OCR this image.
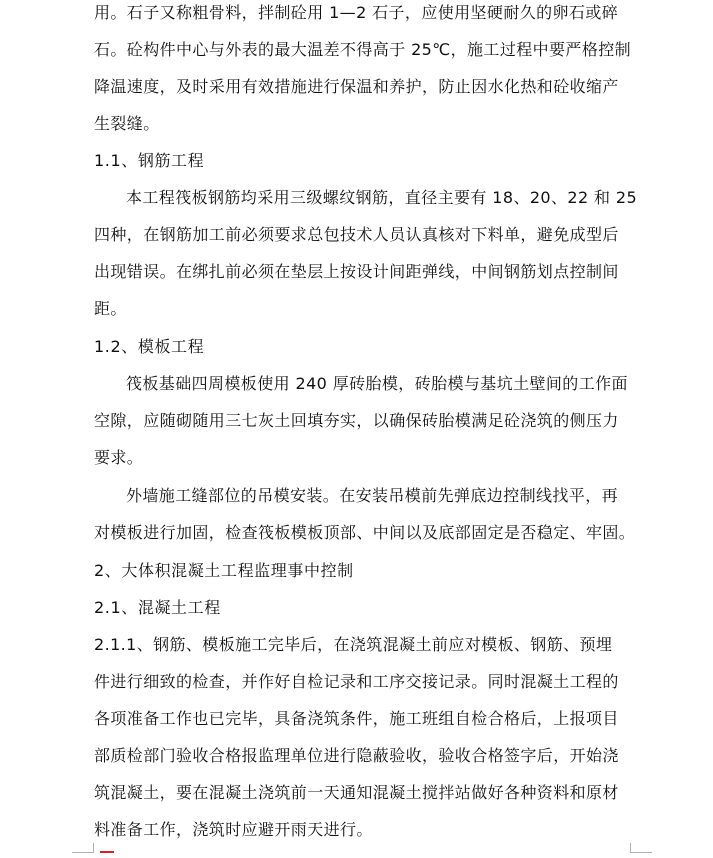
用。石子又称粗骨料，拌制砼用 1—2 石子，应使用坚硬耐久的卵石或碎
石。砼构件中心与外表的最大温差不得高于 25℃，施工过程中要严格控制
降温速度，及时采用有效措施进行保温和养护，防止因水化热和砼收缩产
生裂缝。
1.1、钢筋工程
本工程筏板钢筋均采用三级螺纹钢筋，直径主要有 18、20、22 和 25
四种，在钢筋加工前必须要求总包技术人员认真核对下料单，避免成型后
出现错误。在绑扎前必须在垫层上按设计间距弹线，中间钢筋划点控制间
距。
1.2、模板工程
筏板基础四周模板使用 240 厚砖胎模，砖胎模与基坑土壁间的工作面
空隙，应随砌随用三七灰土回填夯实，以确保砖胎模满足砼浇筑的侧压力
要求。
外墙施工缝部位的吊模安装。在安装吊模前先弹底边控制线找平，再
对模板进行加固，检查筏板模板顶部、中间以及底部固定是否稳定、牢固。
2、大体积混凝土工程监理事中控制
2.1、混凝土工程
2.1.1、钢筋、模板施工完毕后，在浇筑混凝土前应对模板、钢筋、预埋
件进行细致的检查，并作好自检记录和工序交接记录。同时混凝土工程的
各项准备工作也已完毕，具备浇筑条件，施工班组自检合格后，上报项目
部质检部门验收合格报监理单位进行隐蔽验收，验收合格签字后，开始浇
筑混凝土，要在混凝土浇筑前一天通知混凝土搅拌站做好各种资料和原材
料准备工作，浇筑时应避开雨天进行。
